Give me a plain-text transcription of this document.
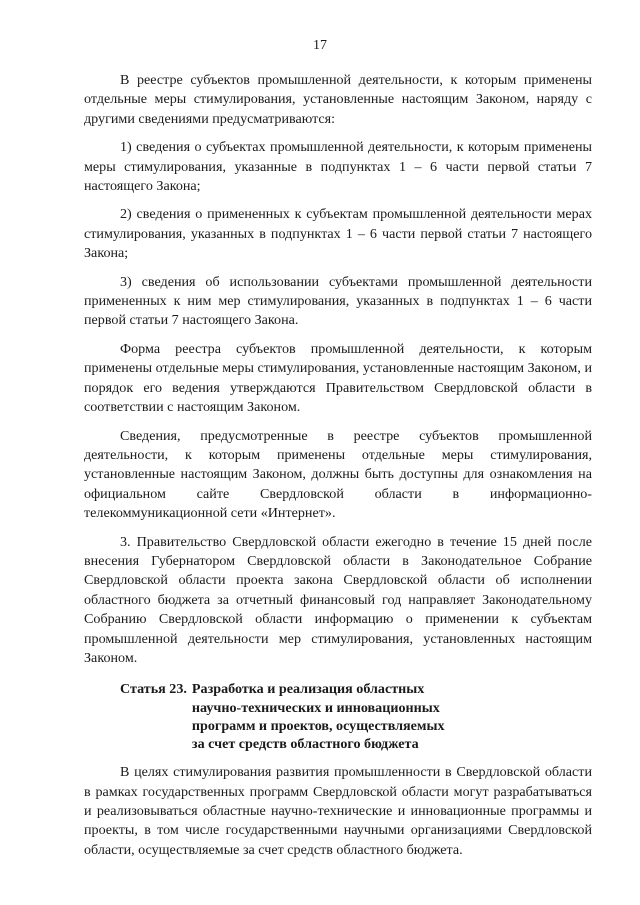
17

В реестре субъектов промышленной деятельности, к которым применены отдельные меры стимулирования, установленные настоящим Законом, наряду с другими сведениями предусматриваются:

1) сведения о субъектах промышленной деятельности, к которым применены меры стимулирования, указанные в подпунктах 1 – 6 части первой статьи 7 настоящего Закона;

2) сведения о примененных к субъектам промышленной деятельности мерах стимулирования, указанных в подпунктах 1 – 6 части первой статьи 7 настоящего Закона;

3) сведения об использовании субъектами промышленной деятельности примененных к ним мер стимулирования, указанных в подпунктах 1 – 6 части первой статьи 7 настоящего Закона.

Форма реестра субъектов промышленной деятельности, к которым применены отдельные меры стимулирования, установленные настоящим Законом, и порядок его ведения утверждаются Правительством Свердловской области в соответствии с настоящим Законом.

Сведения, предусмотренные в реестре субъектов промышленной деятельности, к которым применены отдельные меры стимулирования, установленные настоящим Законом, должны быть доступны для ознакомления на официальном сайте Свердловской области в информационно-телекоммуникационной сети «Интернет».

3. Правительство Свердловской области ежегодно в течение 15 дней после внесения Губернатором Свердловской области в Законодательное Собрание Свердловской области проекта закона Свердловской области об исполнении областного бюджета за отчетный финансовый год направляет Законодательному Собранию Свердловской области информацию о применении к субъектам промышленной деятельности мер стимулирования, установленных настоящим Законом.

Статья 23. Разработка и реализация областных
научно-технических и инновационных
программ и проектов, осуществляемых
за счет средств областного бюджета

В целях стимулирования развития промышленности в Свердловской области в рамках государственных программ Свердловской области могут разрабатываться и реализовываться областные научно-технические и инновационные программы и проекты, в том числе государственными научными организациями Свердловской области, осуществляемые за счет средств областного бюджета.
